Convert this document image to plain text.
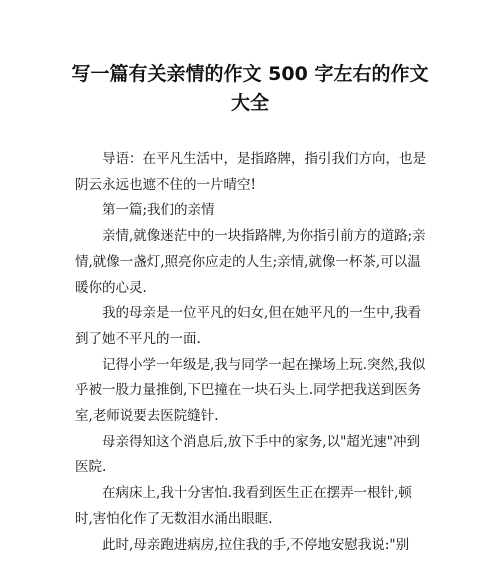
写一篇有关亲情的作文 500 字左右的作文
大全

导语：在平凡生活中，是指路牌，指引我们方向，也是阴云永远也遮不住的一片晴空!

第一篇;我们的亲情

亲情,就像迷茫中的一块指路牌,为你指引前方的道路;亲情,就像一盏灯,照亮你应走的人生;亲情,就像一杯茶,可以温暖你的心灵.

我的母亲是一位平凡的妇女,但在她平凡的一生中,我看到了她不平凡的一面.

记得小学一年级是,我与同学一起在操场上玩.突然,我似乎被一股力量推倒,下巴撞在一块石头上.同学把我送到医务室,老师说要去医院缝针.

母亲得知这个消息后,放下手中的家务,以"超光速"冲到医院.

在病床上,我十分害怕.我看到医生正在摆弄一根针,顿时,害怕化作了无数泪水涌出眼眶.

此时,母亲跑进病房,拉住我的手,不停地安慰我说:"别
